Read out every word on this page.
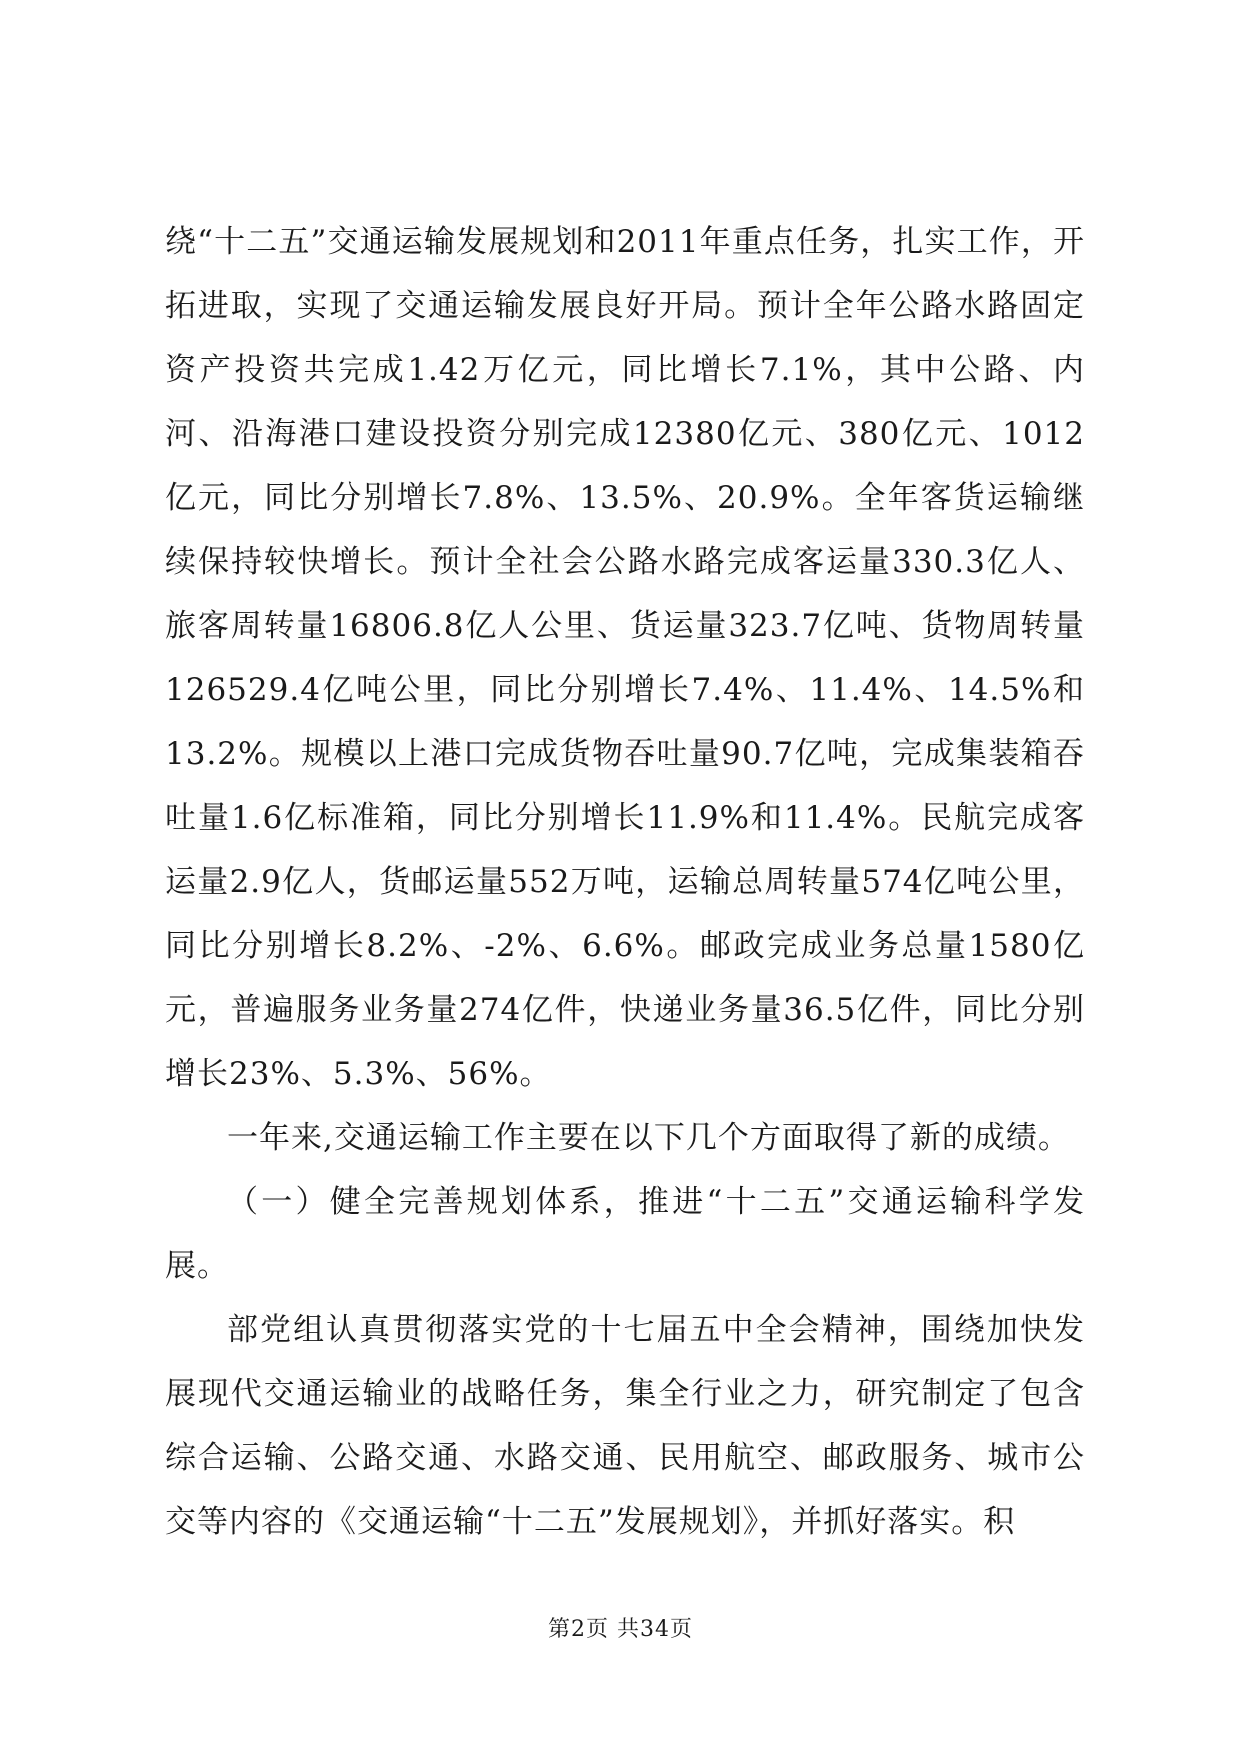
绕“十二五”交通运输发展规划和2011年重点任务，扎实工作，开拓进取，实现了交通运输发展良好开局。预计全年公路水路固定资产投资共完成1.42万亿元，同比增长7.1%，其中公路、内河、沿海港口建设投资分别完成12380亿元、380亿元、1012亿元，同比分别增长7.8%、13.5%、20.9%。全年客货运输继续保持较快增长。预计全社会公路水路完成客运量330.3亿人、旅客周转量16806.8亿人公里、货运量323.7亿吨、货物周转量126529.4亿吨公里，同比分别增长7.4%、11.4%、14.5%和13.2%。规模以上港口完成货物吞吐量90.7亿吨，完成集装箱吞吐量1.6亿标准箱，同比分别增长11.9%和11.4%。民航完成客运量2.9亿人，货邮运量552万吨，运输总周转量574亿吨公里，同比分别增长8.2%、-2%、6.6%。邮政完成业务总量1580亿元，普遍服务业务量274亿件，快递业务量36.5亿件，同比分别增长23%、5.3%、56%。

一年来,交通运输工作主要在以下几个方面取得了新的成绩。

（一）健全完善规划体系，推进“十二五”交通运输科学发展。

部党组认真贯彻落实党的十七届五中全会精神，围绕加快发展现代交通运输业的战略任务，集全行业之力，研究制定了包含综合运输、公路交通、水路交通、民用航空、邮政服务、城市公交等内容的《交通运输“十二五”发展规划》，并抓好落实。积

第2页 共34页
